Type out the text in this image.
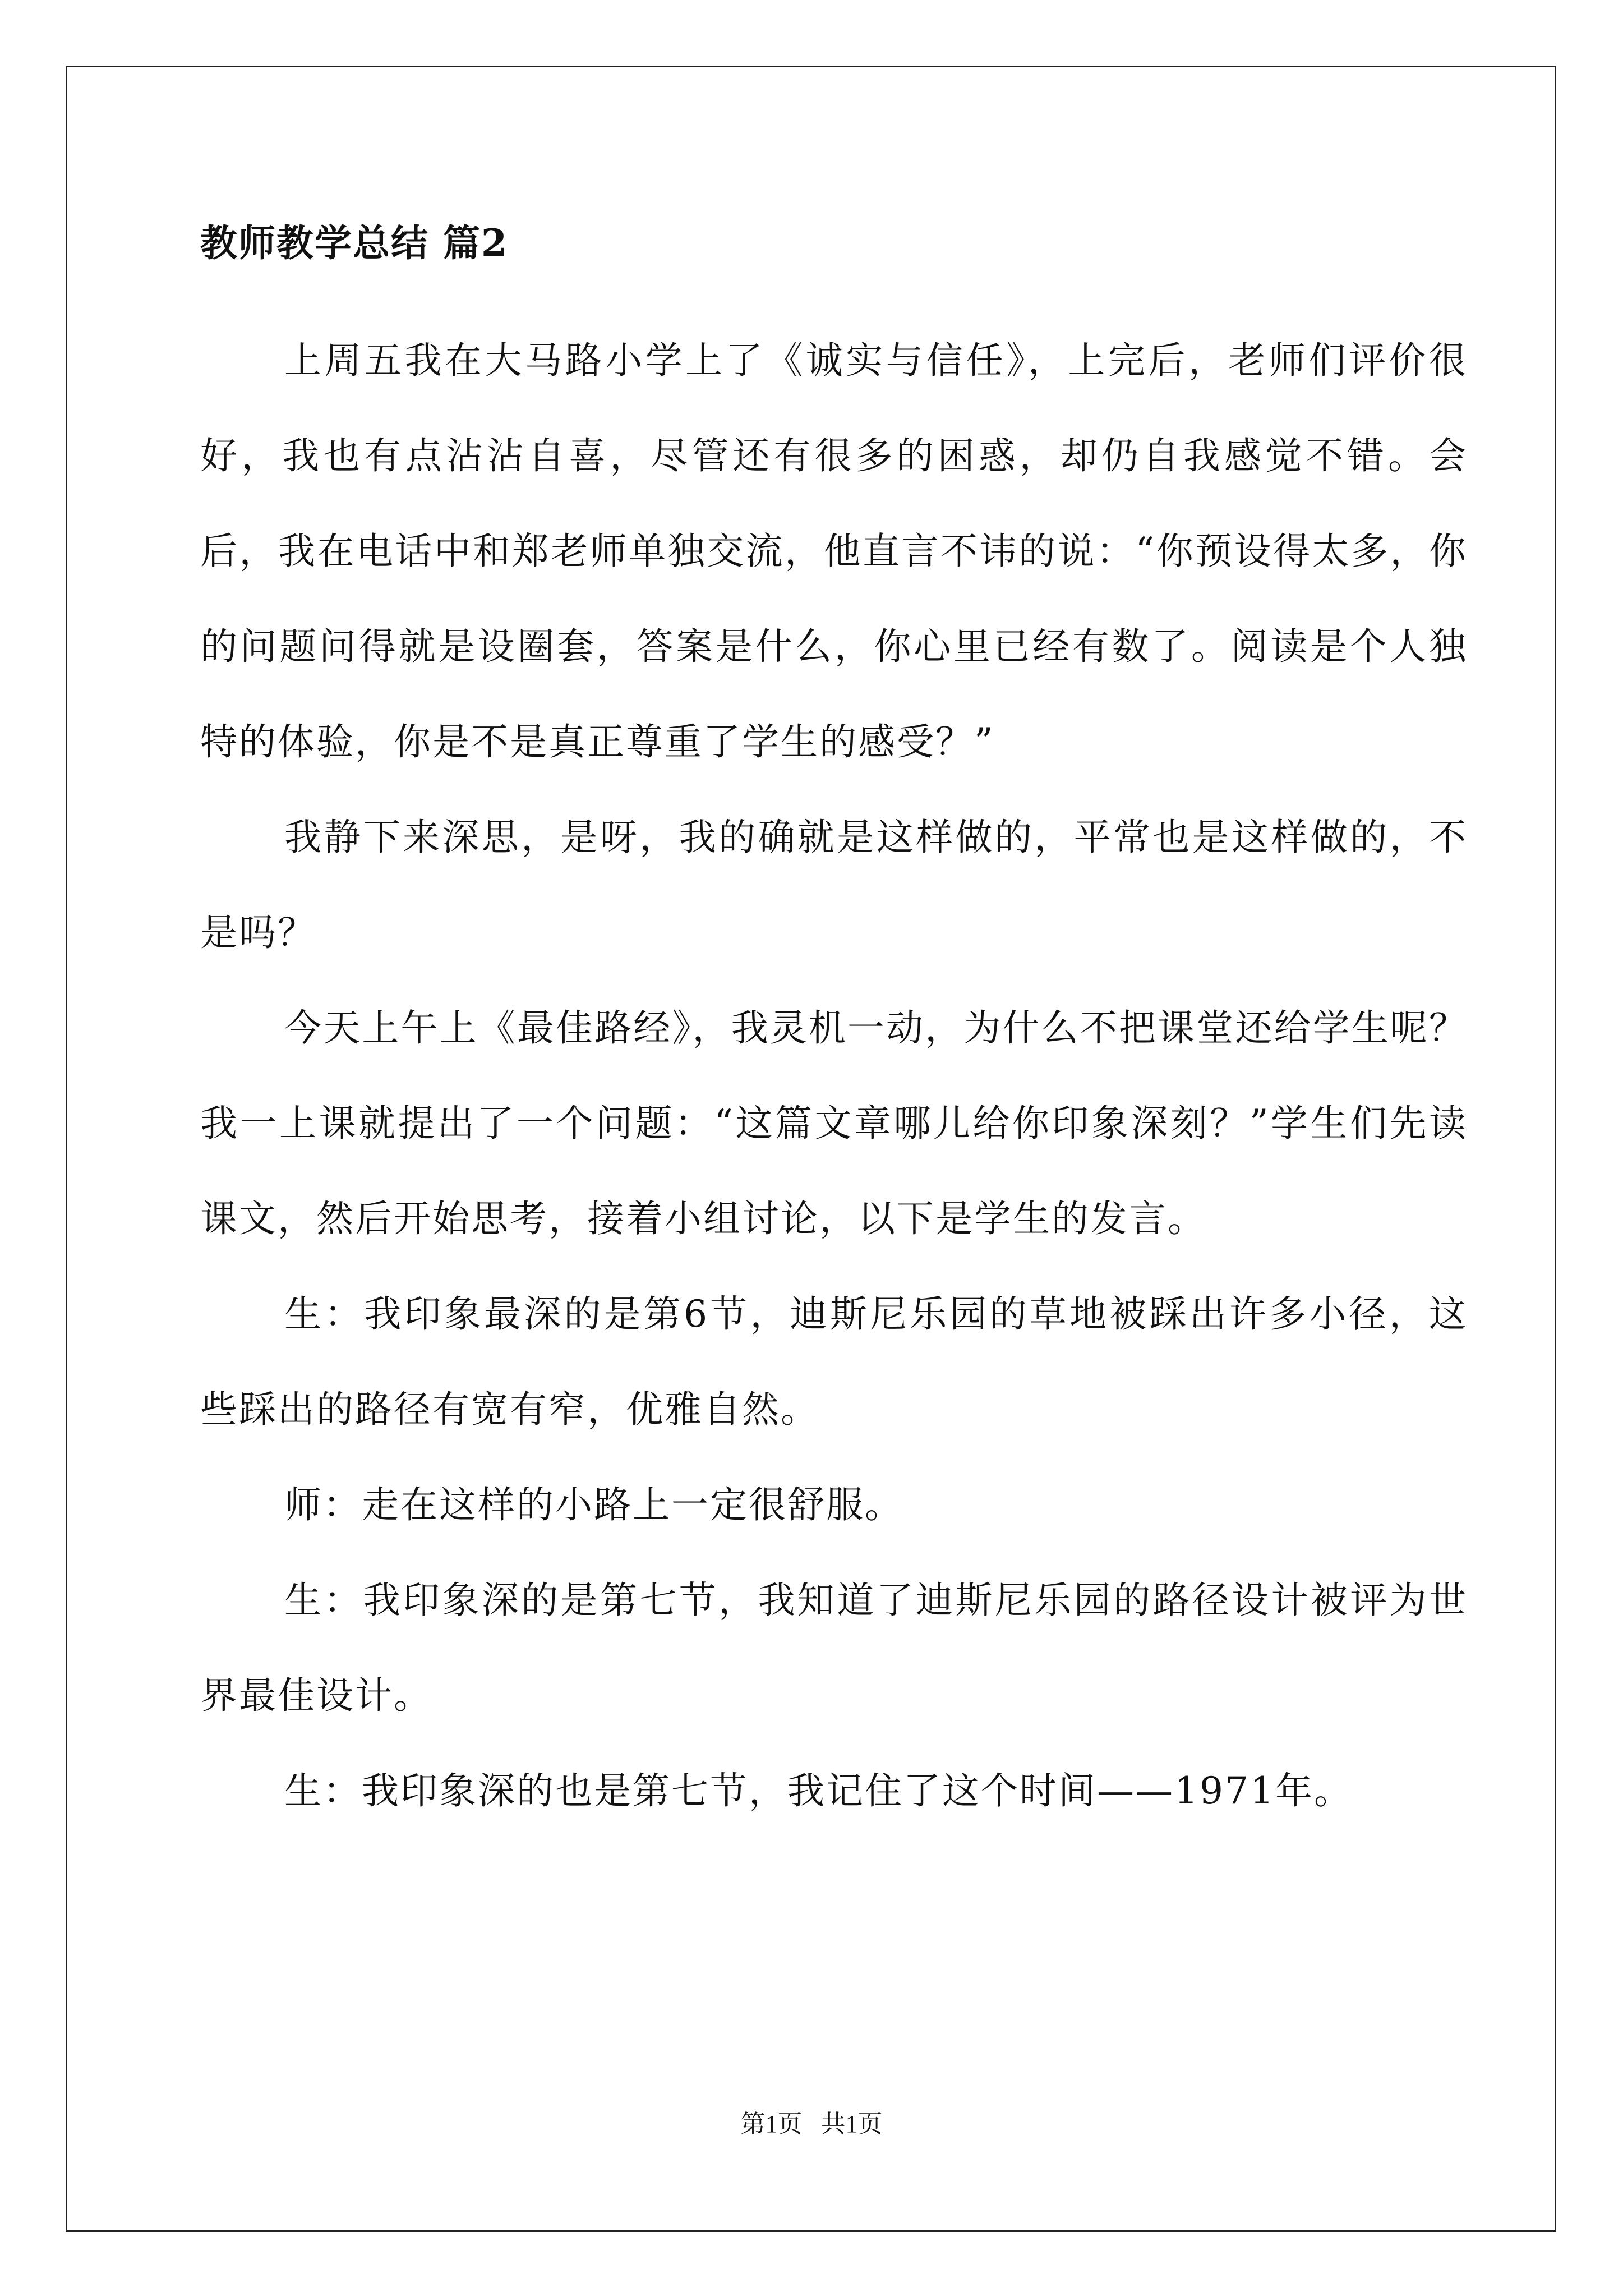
教师教学总结 篇2

上周五我在大马路小学上了《诚实与信任》，上完后，老师们评价很好，我也有点沾沾自喜，尽管还有很多的困惑，却仍自我感觉不错。会后，我在电话中和郑老师单独交流，他直言不讳的说：“你预设得太多，你的问题问得就是设圈套，答案是什么，你心里已经有数了。阅读是个人独特的体验，你是不是真正尊重了学生的感受？”

我静下来深思，是呀，我的确就是这样做的，平常也是这样做的，不是吗？

今天上午上《最佳路经》，我灵机一动，为什么不把课堂还给学生呢？我一上课就提出了一个问题：“这篇文章哪儿给你印象深刻？”学生们先读课文，然后开始思考，接着小组讨论，以下是学生的发言。

生：我印象最深的是第6节，迪斯尼乐园的草地被踩出许多小径，这些踩出的路径有宽有窄，优雅自然。

师：走在这样的小路上一定很舒服。

生：我印象深的是第七节，我知道了迪斯尼乐园的路径设计被评为世界最佳设计。

生：我印象深的也是第七节，我记住了这个时间——1971年。

第1页   共1页
